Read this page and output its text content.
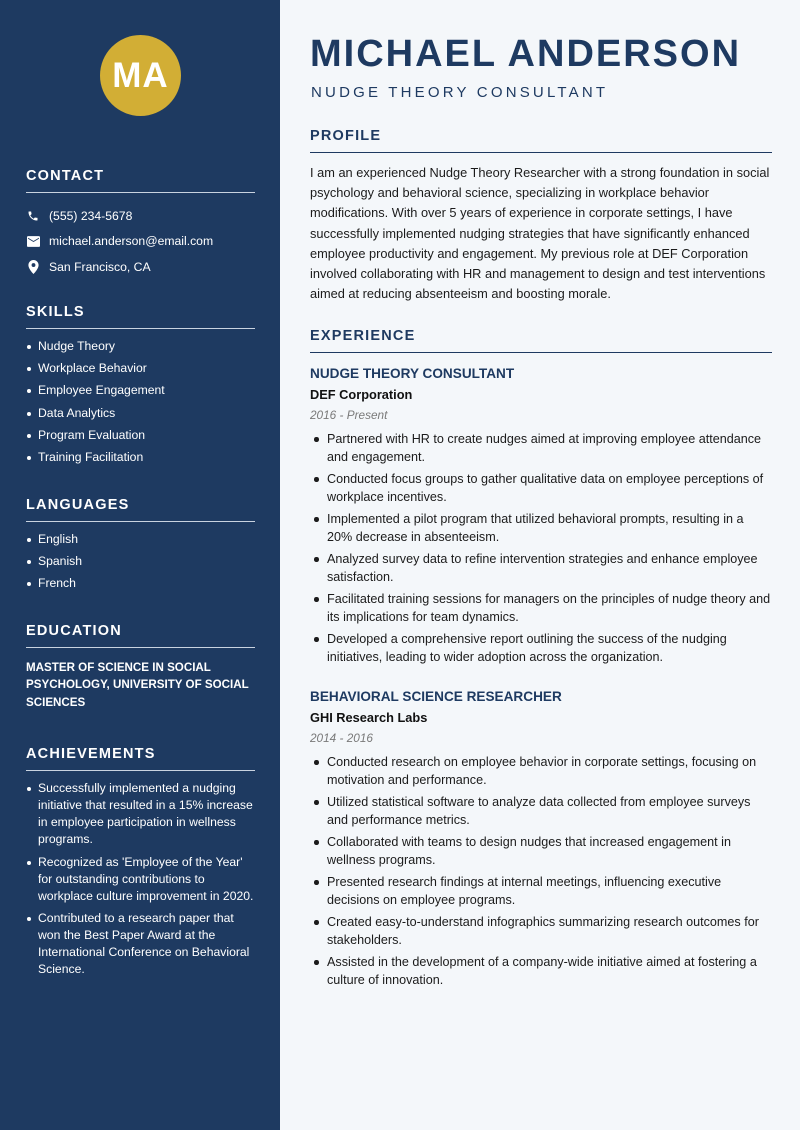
MA
CONTACT
(555) 234-5678
michael.anderson@email.com
San Francisco, CA
SKILLS
Nudge Theory
Workplace Behavior
Employee Engagement
Data Analytics
Program Evaluation
Training Facilitation
LANGUAGES
English
Spanish
French
EDUCATION
MASTER OF SCIENCE IN SOCIAL PSYCHOLOGY, UNIVERSITY OF SOCIAL SCIENCES
ACHIEVEMENTS
Successfully implemented a nudging initiative that resulted in a 15% increase in employee participation in wellness programs.
Recognized as 'Employee of the Year' for outstanding contributions to workplace culture improvement in 2020.
Contributed to a research paper that won the Best Paper Award at the International Conference on Behavioral Science.
MICHAEL ANDERSON
NUDGE THEORY CONSULTANT
PROFILE

I am an experienced Nudge Theory Researcher with a strong foundation in social psychology and behavioral science, specializing in workplace behavior modifications. With over 5 years of experience in corporate settings, I have successfully implemented nudging strategies that have significantly enhanced employee productivity and engagement. My previous role at DEF Corporation involved collaborating with HR and management to design and test interventions aimed at reducing absenteeism and boosting morale.

EXPERIENCE
NUDGE THEORY CONSULTANT
DEF Corporation
2016 - Present
Partnered with HR to create nudges aimed at improving employee attendance and engagement.
Conducted focus groups to gather qualitative data on employee perceptions of workplace incentives.
Implemented a pilot program that utilized behavioral prompts, resulting in a 20% decrease in absenteeism.
Analyzed survey data to refine intervention strategies and enhance employee satisfaction.
Facilitated training sessions for managers on the principles of nudge theory and its implications for team dynamics.
Developed a comprehensive report outlining the success of the nudging initiatives, leading to wider adoption across the organization.
BEHAVIORAL SCIENCE RESEARCHER
GHI Research Labs
2014 - 2016
Conducted research on employee behavior in corporate settings, focusing on motivation and performance.
Utilized statistical software to analyze data collected from employee surveys and performance metrics.
Collaborated with teams to design nudges that increased engagement in wellness programs.
Presented research findings at internal meetings, influencing executive decisions on employee programs.
Created easy-to-understand infographics summarizing research outcomes for stakeholders.
Assisted in the development of a company-wide initiative aimed at fostering a culture of innovation.
